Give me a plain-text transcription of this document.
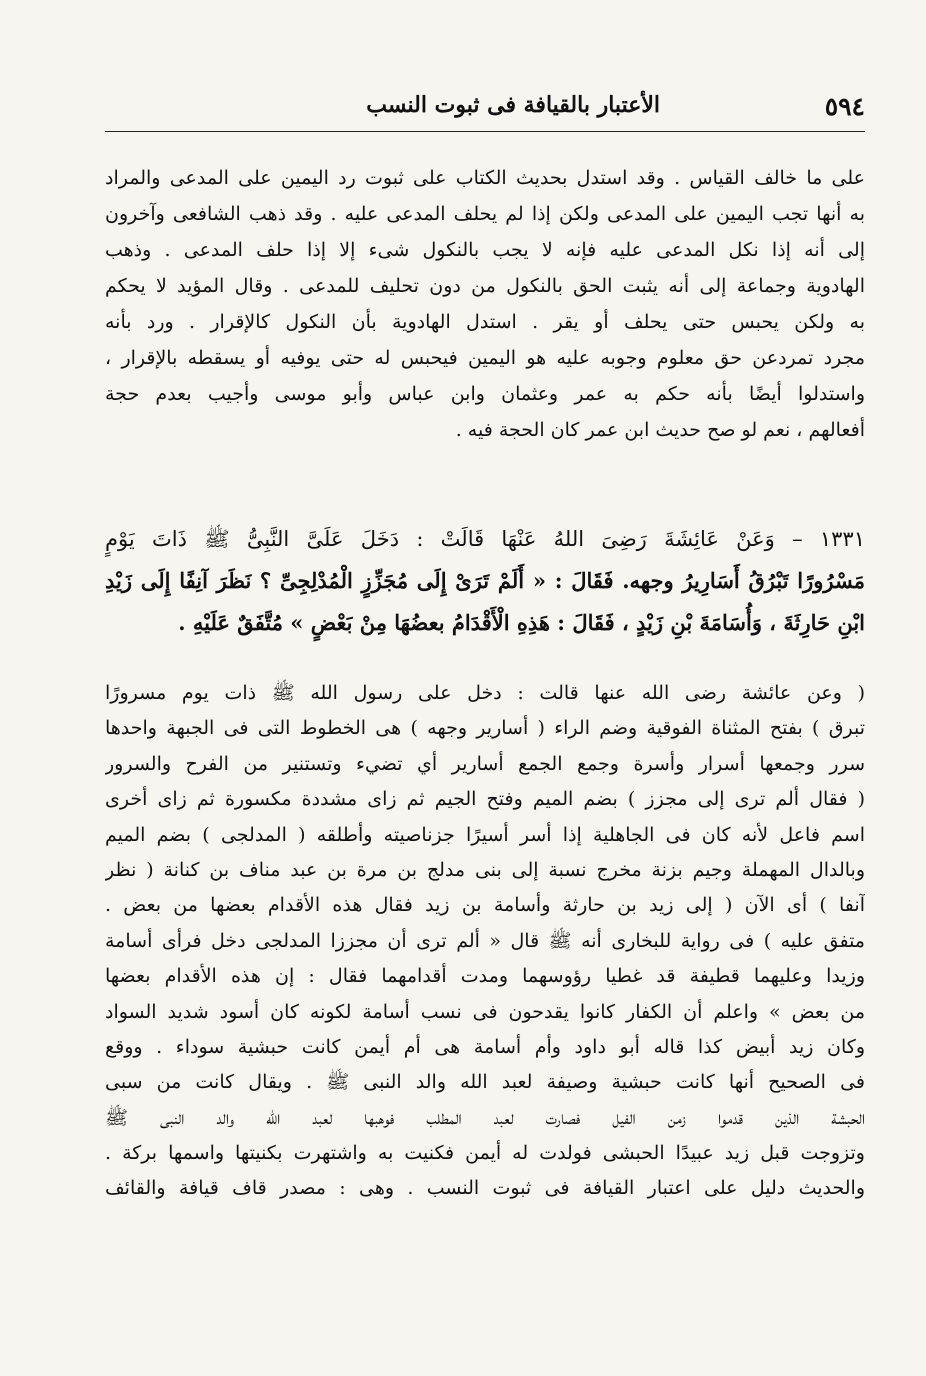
٥٩٤
الأعتبار بالقيافة فى ثبوت النسب
على ما خالف القياس . وقد استدل بحديث الكتاب على ثبوت رد اليمين على المدعى والمراد
به أنها تجب اليمين على المدعى ولكن إذا لم يحلف المدعى عليه . وقد ذهب الشافعى وآخرون
إلى أنه إذا نكل المدعى عليه فإنه لا يجب بالنكول شىء إلا إذا حلف المدعى . وذهب
الهادوية وجماعة إلى أنه يثبت الحق بالنكول من دون تحليف للمدعى . وقال المؤيد لا يحكم
به ولكن يحبس حتى يحلف أو يقر . استدل الهادوية بأن النكول كالإقرار . ورد بأنه
مجرد تمردعن حق معلوم وجوبه عليه هو اليمين فيحبس له حتى يوفيه أو يسقطه بالإقرار ،
واستدلوا أيضًا بأنه حكم به عمر وعثمان وابن عباس وأبو موسى وأجيب بعدم حجة
أفعالهم ، نعم لو صح حديث ابن عمر كان الحجة فيه .
١٣٣١ – وَعَنْ عَائِشَةَ رَضِىَ اللهُ عَنْهَا قَالَتْ : دَخَلَ عَلَىَّ النَّبِىُّ ﷺ ذَاتَ يَوْمٍ
مَسْرُورًا تَبْرُقُ أَسَارِيرُ وجهه. فَقَالَ : « أَلَمْ تَرَىْ إِلَى مُجَزِّزٍ الْمُدْلِجِىِّ ؟ نَظَرَ آنِفًا إِلَى زَيْدِ
ابْنِ حَارِثَةَ ، وَأُسَامَةَ بْنِ زَيْدٍ ، فَقَالَ : هَذِهِ الْأَقْدَامُ بعضُهَا مِنْ بَعْضٍ » مُتَّفَقٌ عَلَيْهِ .
( وعن عائشة رضى الله عنها قالت : دخل على رسول الله ﷺ ذات يوم مسرورًا
تبرق ) بفتح المثناة الفوقية وضم الراء ( أسارير وجهه ) هى الخطوط التى فى الجبهة واحدها
سرر وجمعها أسرار وأسرة وجمع الجمع أسارير أي تضيء وتستنير من الفرح والسرور
( فقال ألم ترى إلى مجزز ) بضم الميم وفتح الجيم ثم زاى مشددة مكسورة ثم زاى أخرى
اسم فاعل لأنه كان فى الجاهلية إذا أسر أسيرًا جزناصيته وأطلقه ( المدلجى ) بضم الميم
وبالدال المهملة وجيم بزنة مخرج نسبة إلى بنى مدلج بن مرة بن عبد مناف بن كنانة ( نظر
آنفا ) أى الآن ( إلى زيد بن حارثة وأسامة بن زيد فقال هذه الأقدام بعضها من بعض .
متفق عليه ) فى رواية للبخارى أنه ﷺ قال « ألم ترى أن مجززا المدلجى دخل فرأى أسامة
وزيدا وعليهما قطيفة قد غطيا رؤوسهما ومدت أقدامهما فقال : إن هذه الأقدام بعضها
من بعض » واعلم أن الكفار كانوا يقدحون فى نسب أسامة لكونه كان أسود شديد السواد
وكان زيد أبيض كذا قاله أبو داود وأم أسامة هى أم أيمن كانت حبشية سوداء . ووقع
فى الصحيح أنها كانت حبشية وصيفة لعبد الله والد النبى ﷺ . ويقال كانت من سبى
الحبشة الذين قدموا زمن الفيل فصارت لعبد المطلب فوهبها لعبد الله والد النبى ﷺ
وتزوجت قبل زيد عبيدًا الحبشى فولدت له أيمن فكنيت به واشتهرت بكنيتها واسمها بركة .
والحديث دليل على اعتبار القيافة فى ثبوت النسب . وهى : مصدر قاف قيافة والقائف
